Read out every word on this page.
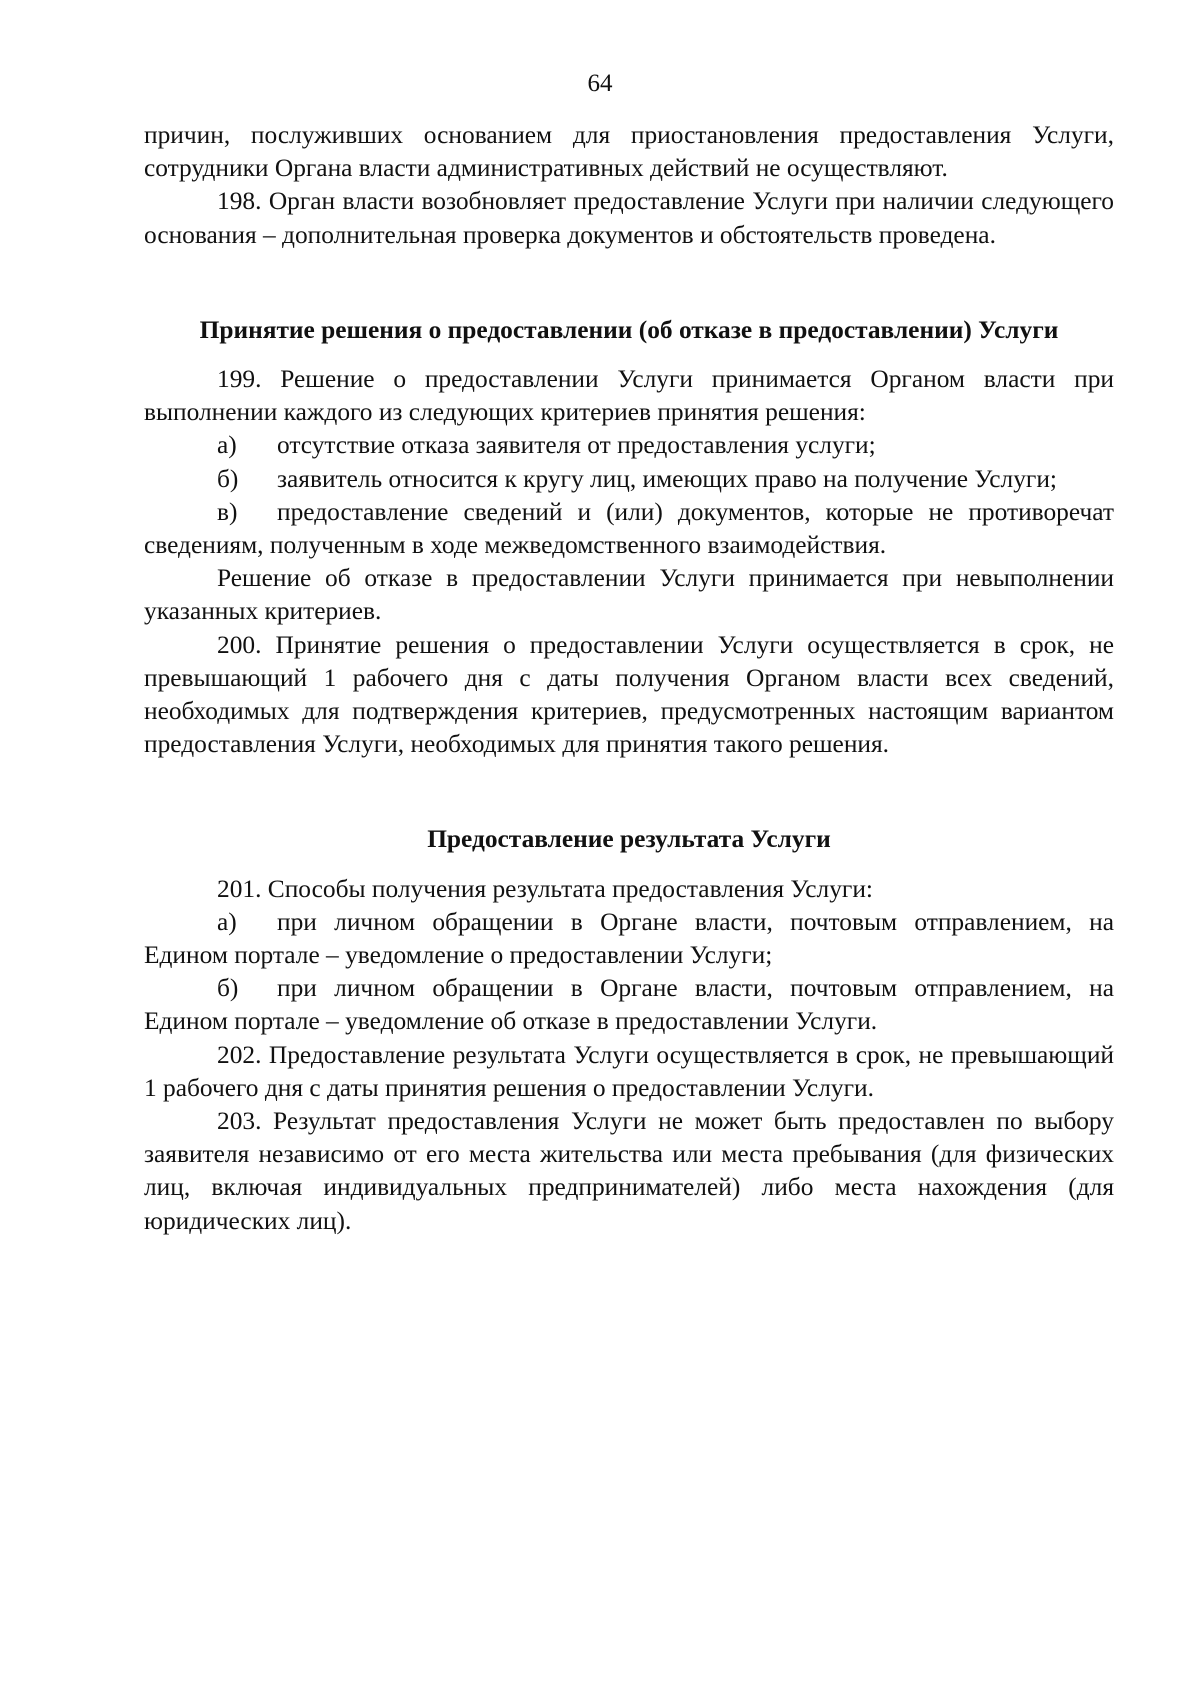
64

причин, послуживших основанием для приостановления предоставления Услуги, сотрудники Органа власти административных действий не осуществляют.

198. Орган власти возобновляет предоставление Услуги при наличии следующего основания – дополнительная проверка документов и обстоятельств проведена.

Принятие решения о предоставлении (об отказе в предоставлении) Услуги

199. Решение о предоставлении Услуги принимается Органом власти при выполнении каждого из следующих критериев принятия решения:

а) отсутствие отказа заявителя от предоставления услуги;

б) заявитель относится к кругу лиц, имеющих право на получение Услуги;

в) предоставление сведений и (или) документов, которые не противоречат сведениям, полученным в ходе межведомственного взаимодействия.

Решение об отказе в предоставлении Услуги принимается при невыполнении указанных критериев.

200. Принятие решения о предоставлении Услуги осуществляется в срок, не превышающий 1 рабочего дня с даты получения Органом власти всех сведений, необходимых для подтверждения критериев, предусмотренных настоящим вариантом предоставления Услуги, необходимых для принятия такого решения.

Предоставление результата Услуги

201. Способы получения результата предоставления Услуги:

а) при личном обращении в Органе власти, почтовым отправлением, на Едином портале – уведомление о предоставлении Услуги;

б) при личном обращении в Органе власти, почтовым отправлением, на Едином портале – уведомление об отказе в предоставлении Услуги.

202. Предоставление результата Услуги осуществляется в срок, не превышающий 1 рабочего дня с даты принятия решения о предоставлении Услуги.

203. Результат предоставления Услуги не может быть предоставлен по выбору заявителя независимо от его места жительства или места пребывания (для физических лиц, включая индивидуальных предпринимателей) либо места нахождения (для юридических лиц).
